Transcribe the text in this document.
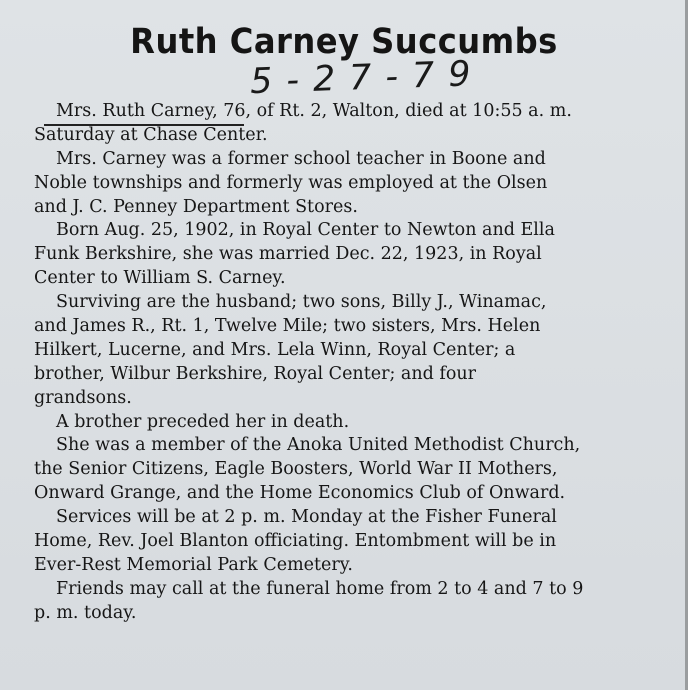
Ruth Carney Succumbs
5-27-79
Mrs. Ruth Carney, 76, of Rt. 2, Walton, died at 10:55 a. m.
Saturday at Chase Center.
Mrs. Carney was a former school teacher in Boone and
Noble townships and formerly was employed at the Olsen
and J. C. Penney Department Stores.
Born Aug. 25, 1902, in Royal Center to Newton and Ella
Funk Berkshire, she was married Dec. 22, 1923, in Royal
Center to William S. Carney.
Surviving are the husband; two sons, Billy J., Winamac,
and James R., Rt. 1, Twelve Mile; two sisters, Mrs. Helen
Hilkert, Lucerne, and Mrs. Lela Winn, Royal Center; a
brother, Wilbur Berkshire, Royal Center; and four
grandsons.
A brother preceded her in death.
She was a member of the Anoka United Methodist Church,
the Senior Citizens, Eagle Boosters, World War II Mothers,
Onward Grange, and the Home Economics Club of Onward.
Services will be at 2 p. m. Monday at the Fisher Funeral
Home, Rev. Joel Blanton officiating. Entombment will be in
Ever-Rest Memorial Park Cemetery.
Friends may call at the funeral home from 2 to 4 and 7 to 9
p. m. today.
